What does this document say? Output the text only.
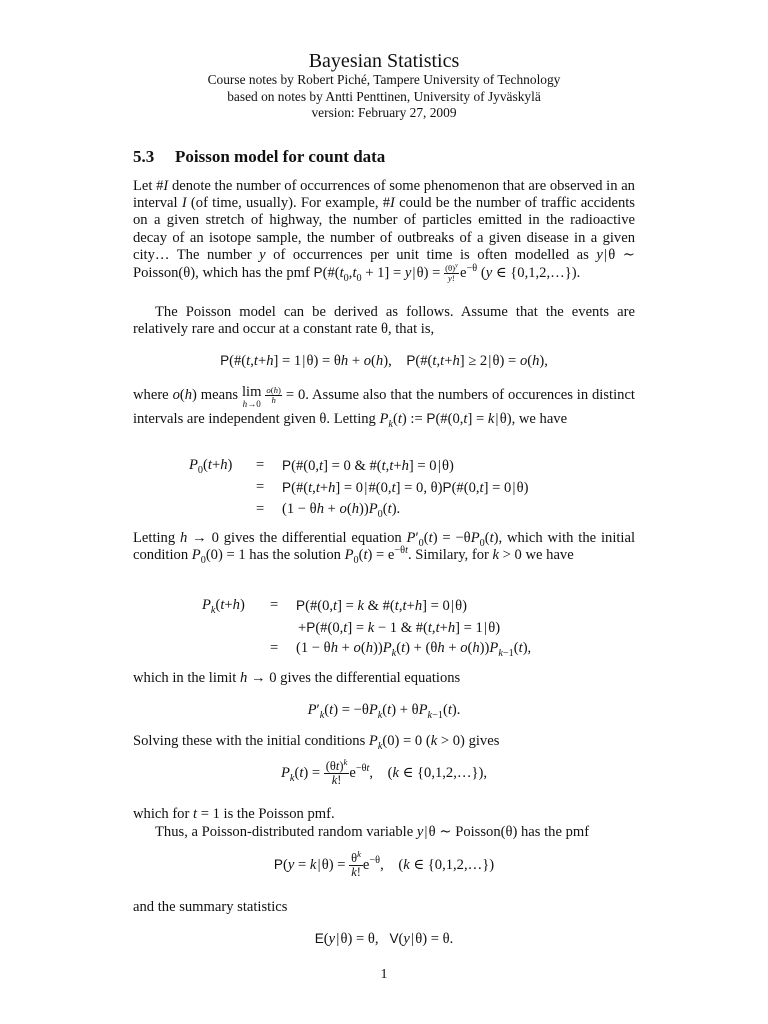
Bayesian Statistics
Course notes by Robert Piché, Tampere University of Technology
based on notes by Antti Penttinen, University of Jyväskylä
version: February 27, 2009
5.3 Poisson model for count data
Let #I denote the number of occurrences of some phenomenon that are observed in an interval I (of time, usually). For example, #I could be the number of traffic accidents on a given stretch of highway, the number of particles emitted in the radioactive decay of an isotope sample, the number of outbreaks of a given disease in a given city… The number y of occurrences per unit time is often modelled as y | θ ∼ Poisson(θ), which has the pmf $P(\#(t_0,t_0 + 1] = y$ | $\theta) = \frac{(\theta)^y}{y!}$  $e^{-\theta}$ (y ∈ {0,1,2,…}).
The Poisson model can be derived as follows. Assume that the events are relatively rare and occur at a constant rate θ, that is,
P(#(t,t+h] = 1 | θ) = θh + o(h),    P(#(t,t+h] ≥ 2 | θ) = o(h),
where o(h) means lim
h→0
$\frac{o(h)}{h} = 0$. Assume also that the numbers of occurences in distinct intervals are independent given θ. Letting $P_k(t)$ := P(#(0,t] = k | θ), we have
$P_0(t+h)$ = P(#(0,t] = 0 & #(t,t+h] = 0 | θ)
= P(#(t,t+h] = 0 | #(0,t] = 0, θ)P(#(0,t] = 0 | θ)
= $(1 - \theta h + o(h))P_0(t)$.
Letting h → 0 gives the differential equation $P'_0(t) = -\theta P_0(t)$, which with the initial condition $P_0(0) = 1$ has the solution $P_0(t) = e^{-\theta t}$. Similary, for k > 0 we have
$P_k(t+h)$ = P(#(0,t] = k & #(t,t+h] = 0 | θ)
+P(#(0,t] = k − 1 & #(t,t+h] = 1 | θ)
= $(1 - \theta h + o(h))P_k(t) + (\theta h + o(h))P_{k-1}(t)$,
which in the limit h → 0 gives the differential equations
$P'_k(t) = -\theta P_k(t) + \theta P_{k-1}(t)$.
Solving these with the initial conditions $P_k(0) = 0$ (k > 0) gives
$P_k(t) = \frac{(\theta t)^k}{k!} e^{-\theta t}$,    (k ∈ {0,1,2,…}),
which for t = 1 is the Poisson pmf.
Thus, a Poisson-distributed random variable y | θ ∼ Poisson(θ) has the pmf
P(y = k | $\theta) = \frac{\theta^k}{k!} e^{-\theta}$,    (k ∈ {0,1,2,…})
and the summary statistics
E(y | θ) = θ,   V(y | θ) = θ.
1
